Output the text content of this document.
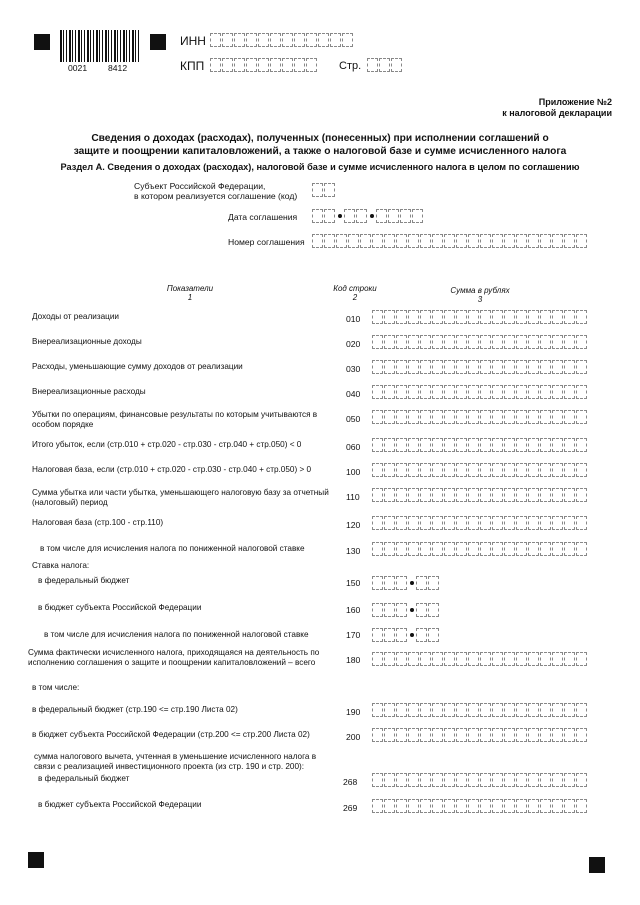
0021 8412
ИНН
КПП	Стр.
Приложение №2
к налоговой декларации
Сведения о доходах (расходах), полученных (понесенных) при исполнении соглашений о
защите и поощрении капиталовложений, а также о налоговой базе и сумме исчисленного налога
Раздел А. Сведения о доходах (расходах), налоговой базе и сумме исчисленного налога в целом по соглашению
Субъект Российской Федерации,
в котором реализуется соглашение (код)
Дата соглашения
Номер соглашения
Показатели
1
Код строки
2
Сумма в рублях
3
Доходы от реализации	010
Внереализационные доходы	020
Расходы, уменьшающие сумму доходов от реализации	030
Внереализационные расходы	040
Убытки по операциям, финансовые результаты по которым учитываются в особом порядке	050
Итого убыток, если (стр.010 + стр.020 - стр.030 - стр.040 + стр.050) < 0	060
Налоговая база, если (стр.010 + стр.020 - стр.030 - стр.040 + стр.050) > 0	100
Сумма убытка или части убытка, уменьшающего налоговую базу за отчетный (налоговый) период	110
Налоговая база (стр.100 - стр.110)	120
в том числе для исчисления налога по пониженной налоговой ставке	130
Ставка налога:
в федеральный бюджет	150
в бюджет субъекта Российской Федерации	160
в том числе для исчисления налога по пониженной налоговой ставке	170
Сумма фактически исчисленного налога, приходящаяся на деятельность по исполнению соглашения о защите и поощрении капиталовложений – всего	180
в том числе:
в федеральный бюджет (стр.190 <= стр.190 Листа 02)	190
в бюджет субъекта Российской Федерации (стр.200 <= стр.200 Листа 02)	200
сумма налогового вычета, учтенная в уменьшение исчисленного налога в связи с реализацией инвестиционного проекта (из стр. 190 и стр. 200):
в федеральный бюджет	268
в бюджет субъекта Российской Федерации	269
